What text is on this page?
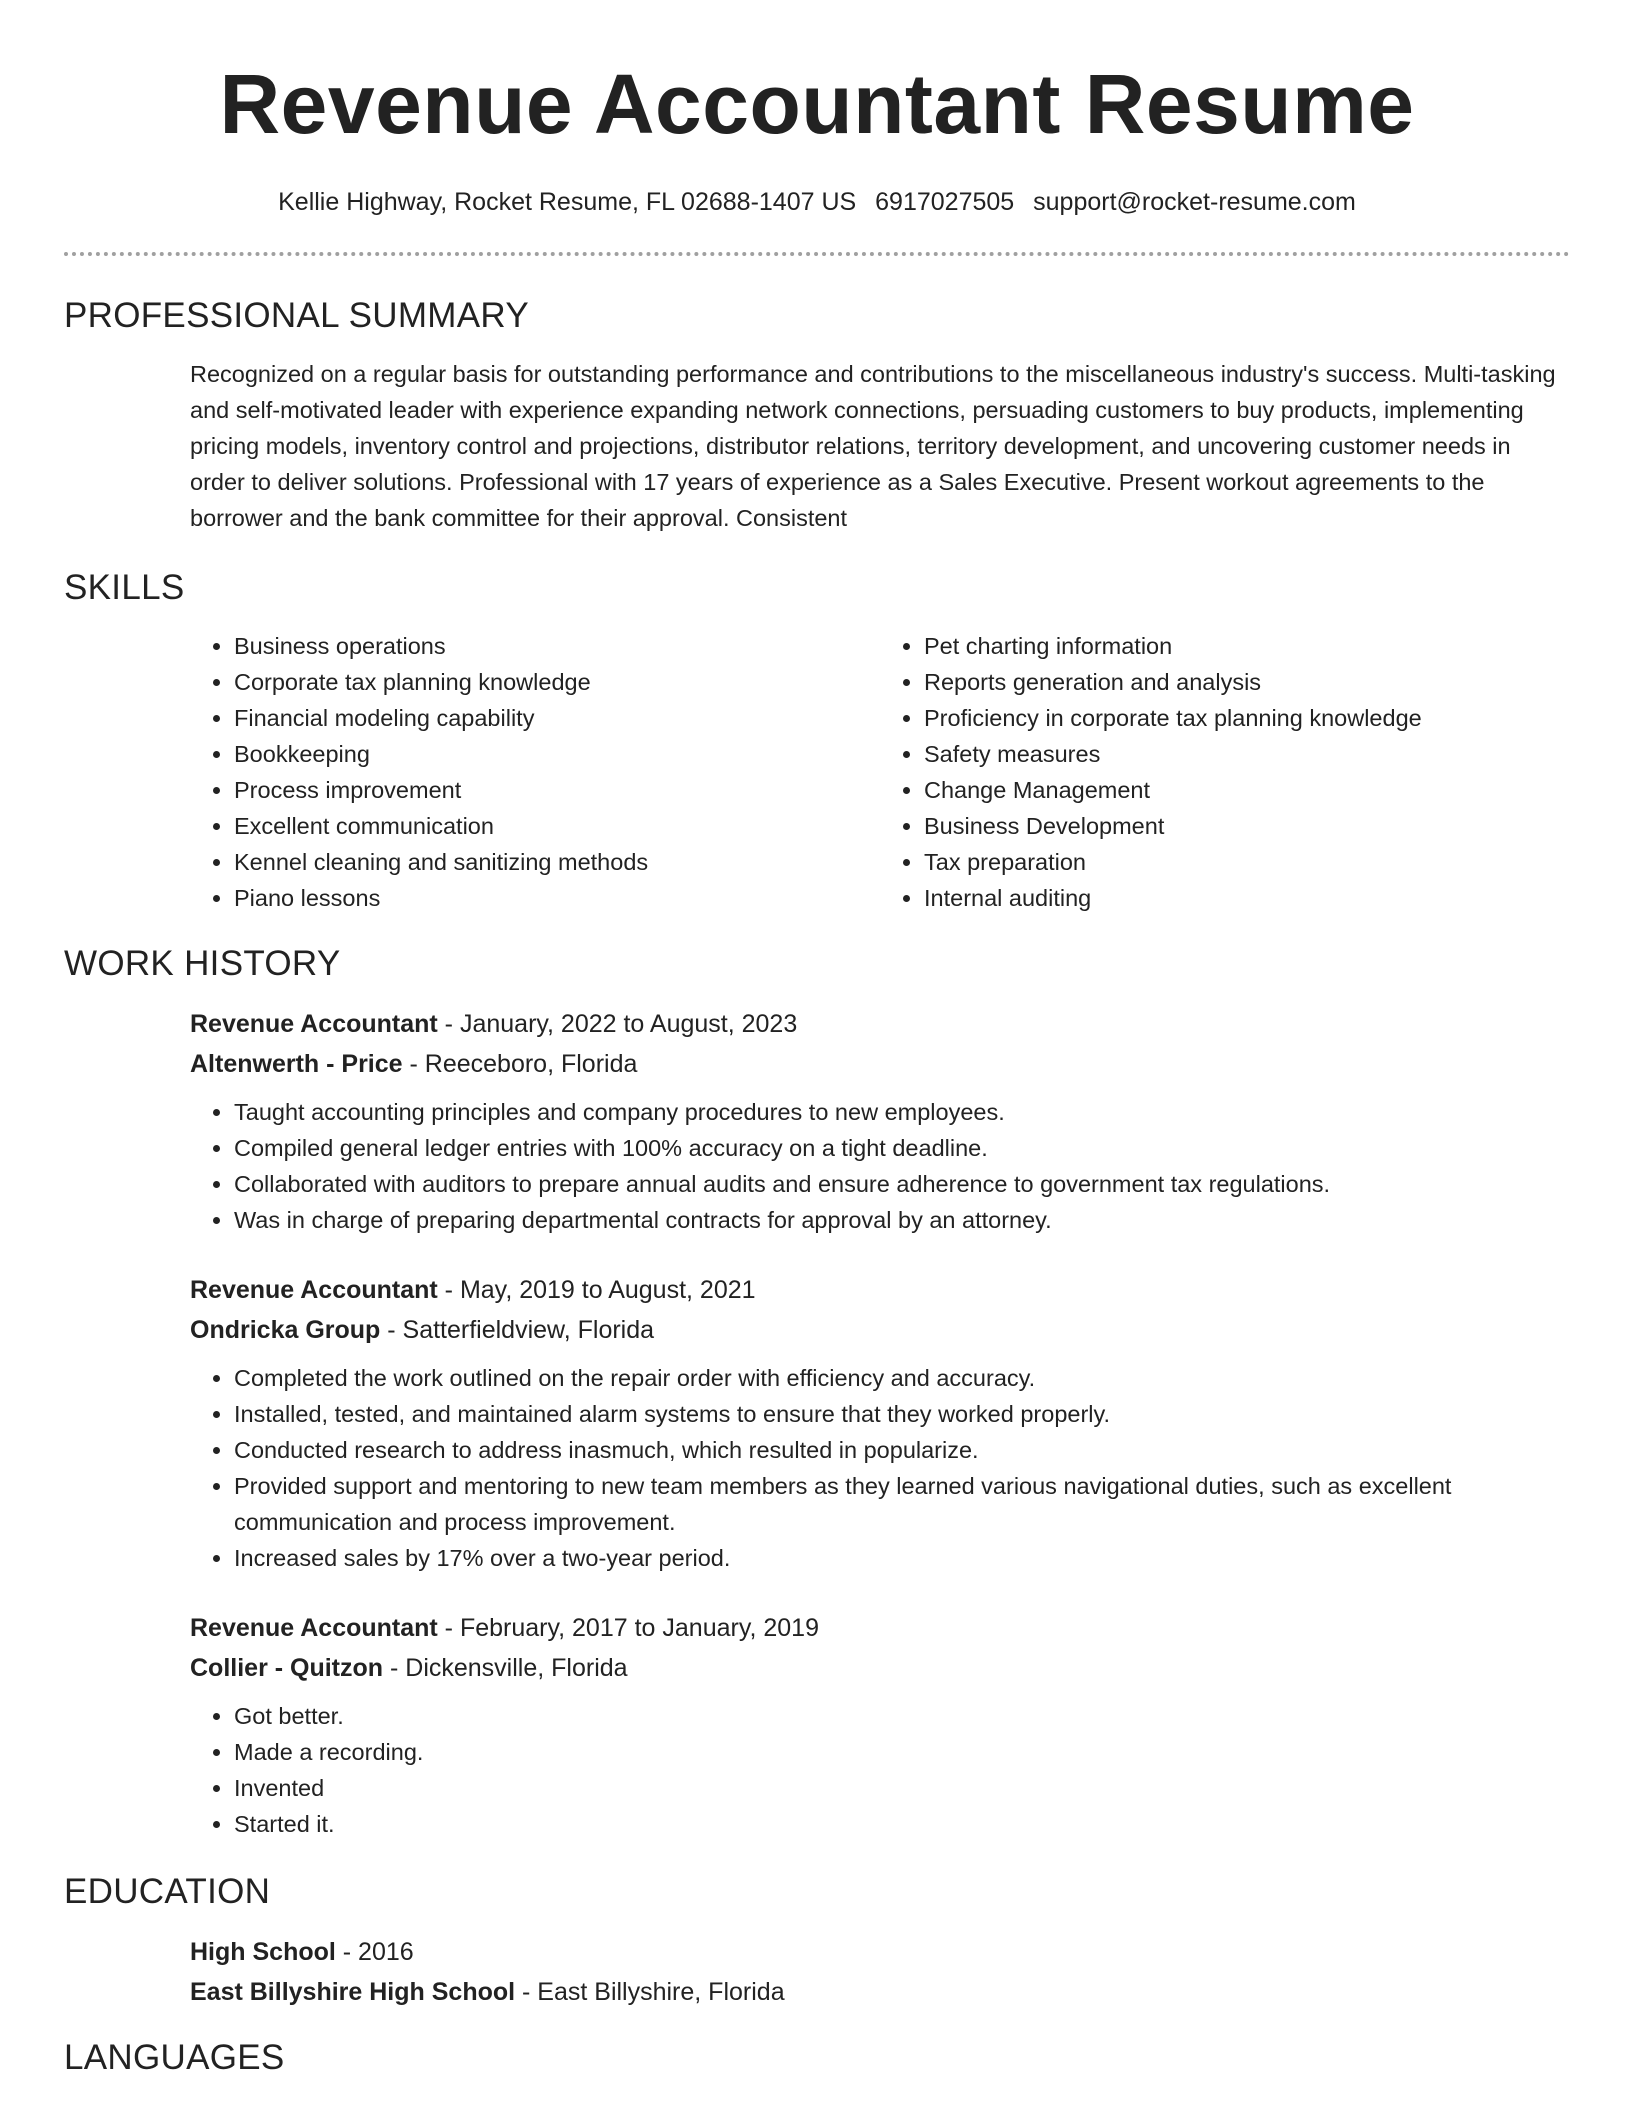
Revenue Accountant Resume
Kellie Highway, Rocket Resume, FL 02688-1407 US 6917027505 support@rocket-resume.com
PROFESSIONAL SUMMARY
Recognized on a regular basis for outstanding performance and contributions to the miscellaneous industry's success. Multi-tasking and self-motivated leader with experience expanding network connections, persuading customers to buy products, implementing pricing models, inventory control and projections, distributor relations, territory development, and uncovering customer needs in order to deliver solutions. Professional with 17 years of experience as a Sales Executive. Present workout agreements to the borrower and the bank committee for their approval. Consistent
SKILLS
• Business operations
• Corporate tax planning knowledge
• Financial modeling capability
• Bookkeeping
• Process improvement
• Excellent communication
• Kennel cleaning and sanitizing methods
• Piano lessons
• Pet charting information
• Reports generation and analysis
• Proficiency in corporate tax planning knowledge
• Safety measures
• Change Management
• Business Development
• Tax preparation
• Internal auditing
WORK HISTORY
Revenue Accountant - January, 2022 to August, 2023
Altenwerth - Price - Reeceboro, Florida
• Taught accounting principles and company procedures to new employees.
• Compiled general ledger entries with 100% accuracy on a tight deadline.
• Collaborated with auditors to prepare annual audits and ensure adherence to government tax regulations.
• Was in charge of preparing departmental contracts for approval by an attorney.
Revenue Accountant - May, 2019 to August, 2021
Ondricka Group - Satterfieldview, Florida
• Completed the work outlined on the repair order with efficiency and accuracy.
• Installed, tested, and maintained alarm systems to ensure that they worked properly.
• Conducted research to address inasmuch, which resulted in popularize.
• Provided support and mentoring to new team members as they learned various navigational duties, such as excellent communication and process improvement.
• Increased sales by 17% over a two-year period.
Revenue Accountant - February, 2017 to January, 2019
Collier - Quitzon - Dickensville, Florida
• Got better.
• Made a recording.
• Invented
• Started it.
EDUCATION
High School - 2016
East Billyshire High School - East Billyshire, Florida
LANGUAGES
